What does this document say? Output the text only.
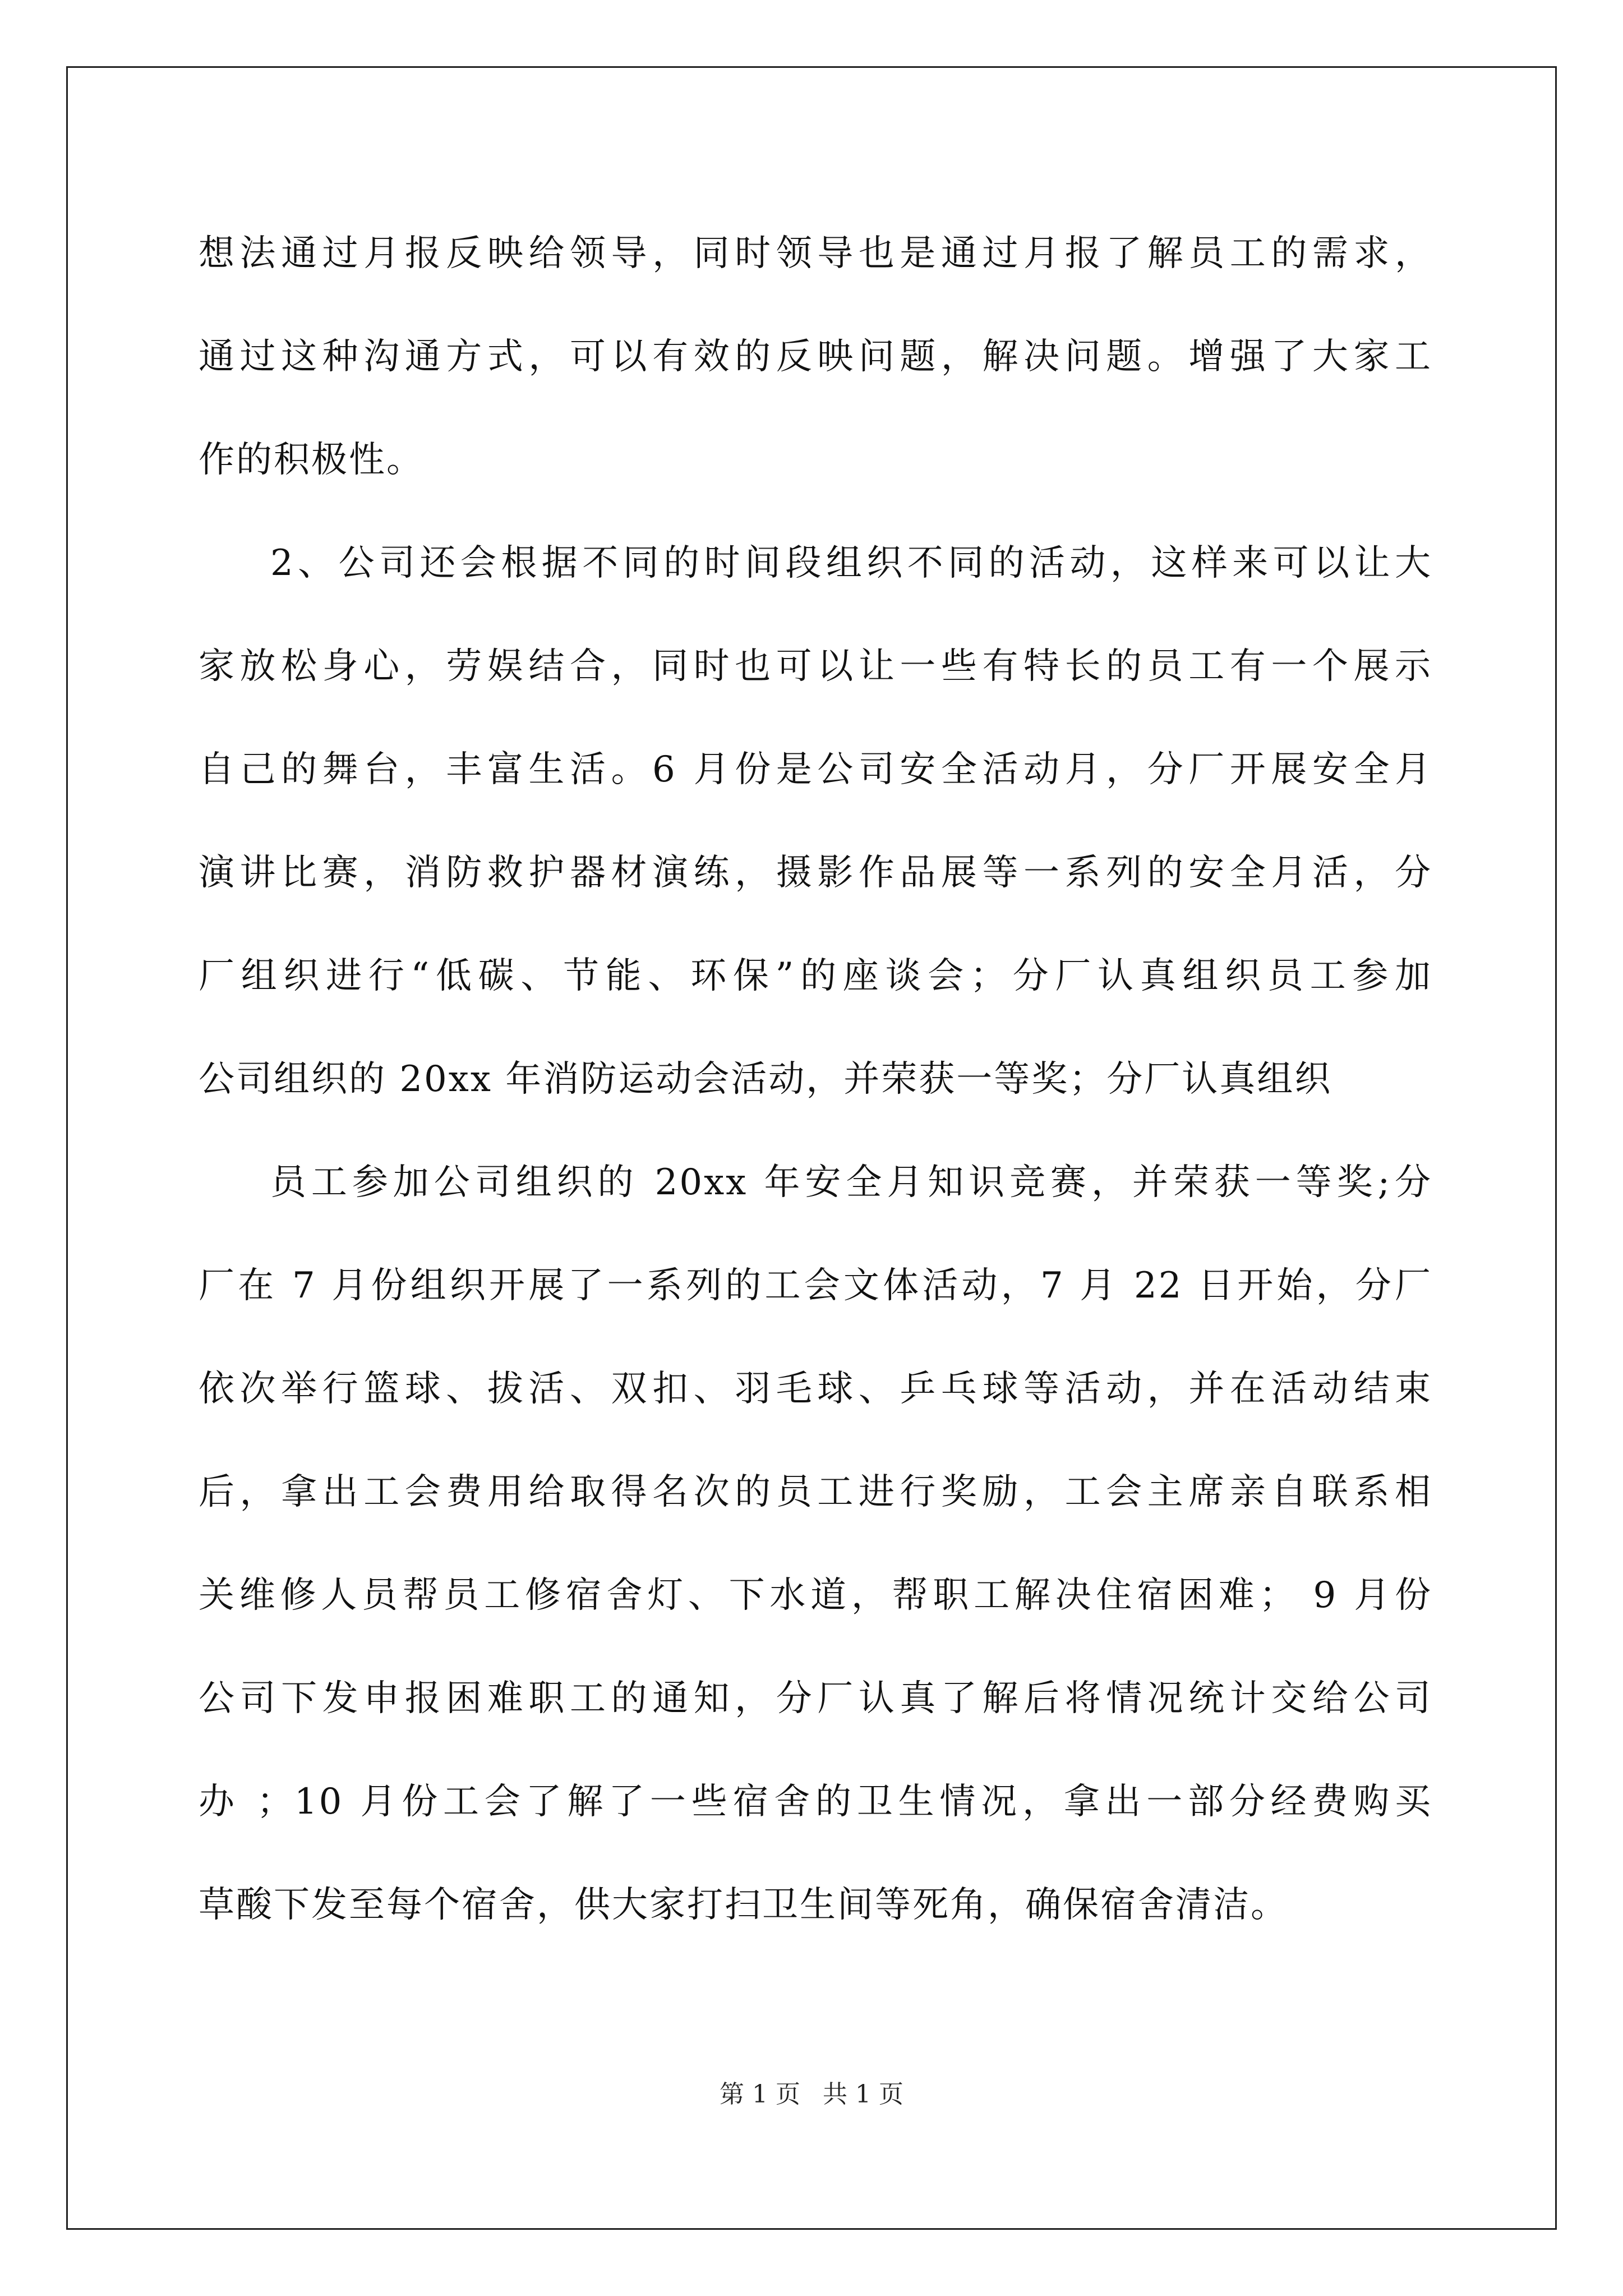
想法通过月报反映给领导，同时领导也是通过月报了解员工的需求，
通过这种沟通方式，可以有效的反映问题，解决问题。增强了大家工
作的积极性。
2、公司还会根据不同的时间段组织不同的活动，这样来可以让大
家放松身心，劳娱结合，同时也可以让一些有特长的员工有一个展示
自己的舞台，丰富生活。6 月份是公司安全活动月，分厂开展安全月
演讲比赛，消防救护器材演练，摄影作品展等一系列的安全月活，分
厂组织进行“低碳、节能、环保”的座谈会；分厂认真组织员工参加
公司组织的 20xx 年消防运动会活动，并荣获一等奖；分厂认真组织
员工参加公司组织的 20xx 年安全月知识竞赛，并荣获一等奖;分
厂在 7 月份组织开展了一系列的工会文体活动，7 月 22 日开始，分厂
依次举行篮球、拔活、双扣、羽毛球、乒乓球等活动，并在活动结束
后，拿出工会费用给取得名次的员工进行奖励，工会主席亲自联系相
关维修人员帮员工修宿舍灯、下水道，帮职工解决住宿困难； 9 月份
公司下发申报困难职工的通知，分厂认真了解后将情况统计交给公司
办 ；10 月份工会了解了一些宿舍的卫生情况，拿出一部分经费购买
草酸下发至每个宿舍，供大家打扫卫生间等死角，确保宿舍清洁。
第 1 页 共 1 页
